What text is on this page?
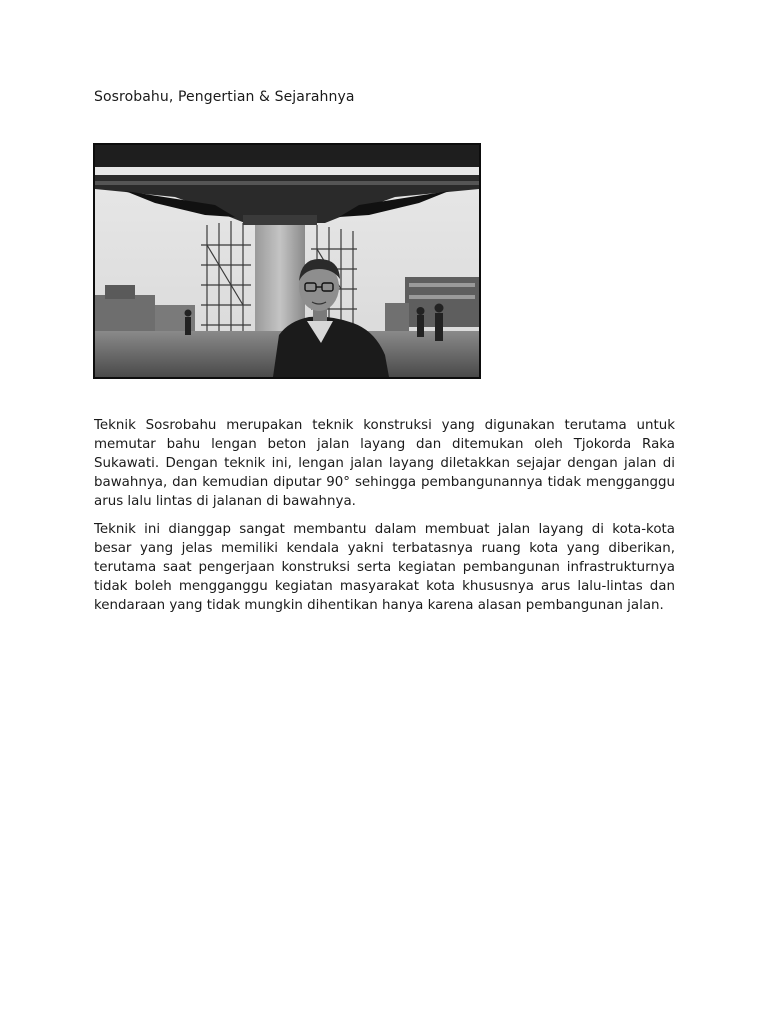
Sosrobahu, Pengertian & Sejarahnya

Teknik Sosrobahu merupakan teknik konstruksi yang digunakan terutama untuk memutar bahu lengan beton jalan layang dan ditemukan oleh Tjokorda Raka Sukawati. Dengan teknik ini, lengan jalan layang diletakkan sejajar dengan jalan di bawahnya, dan kemudian diputar 90° sehingga pembangunannya tidak mengganggu arus lalu lintas di jalanan di bawahnya.

Teknik ini dianggap sangat membantu dalam membuat jalan layang di kota-kota besar yang jelas memiliki kendala yakni terbatasnya ruang kota yang diberikan, terutama saat pengerjaan konstruksi serta kegiatan pembangunan infrastrukturnya tidak boleh mengganggu kegiatan masyarakat kota khususnya arus lalu-lintas dan kendaraan yang tidak mungkin dihentikan hanya karena alasan pembangunan jalan.
